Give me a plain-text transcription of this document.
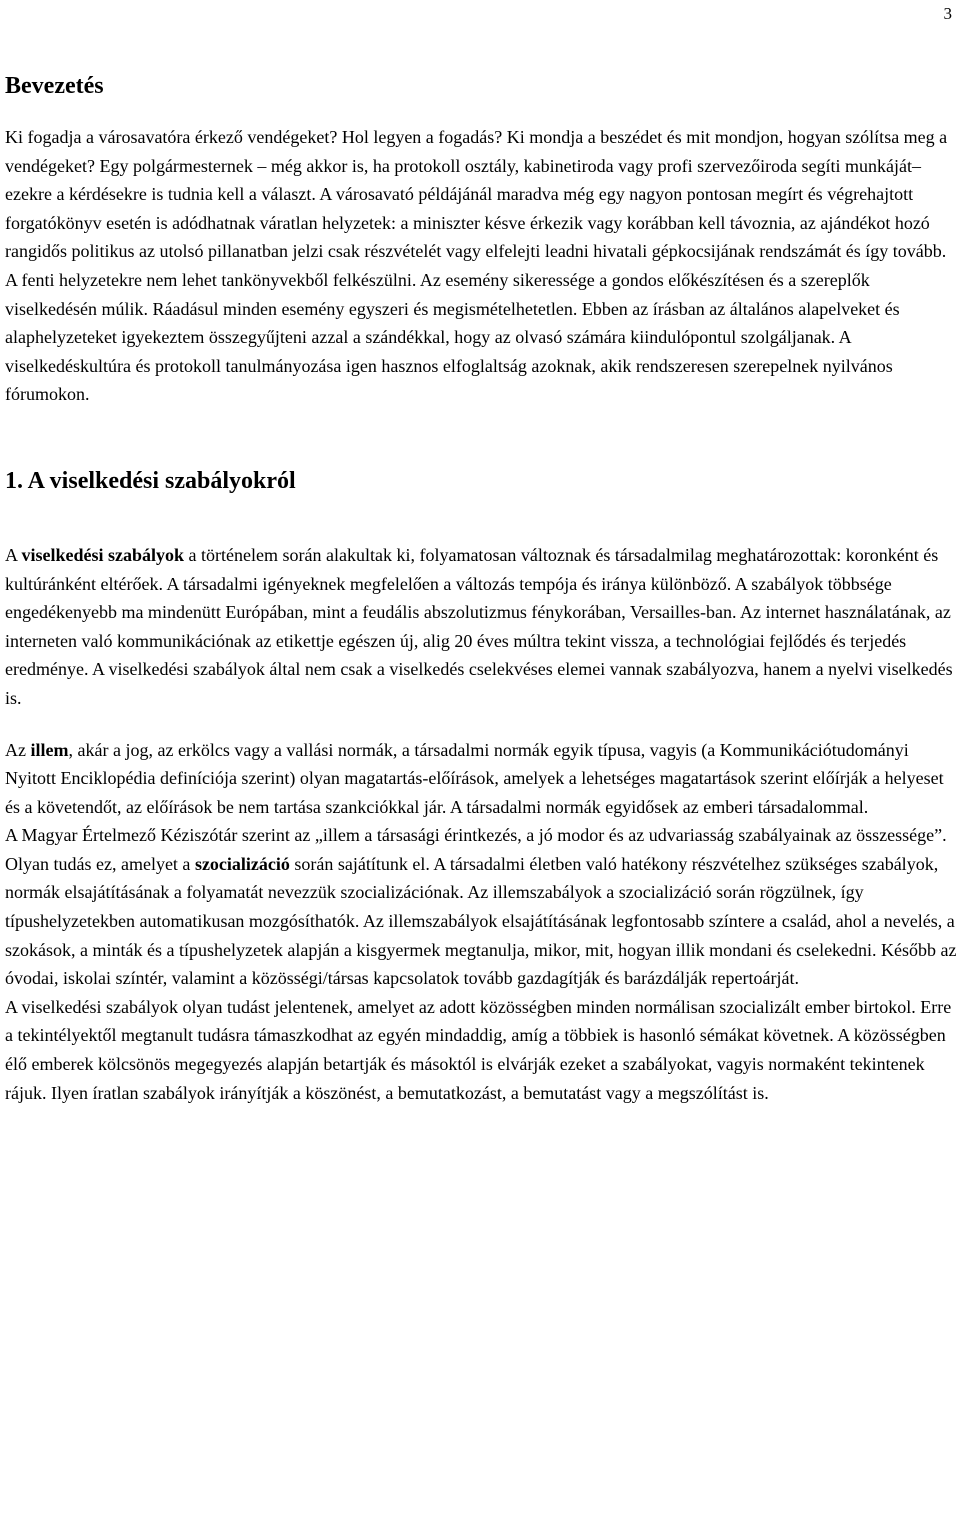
3
Bevezetés

Ki fogadja a városavatóra érkező vendégeket? Hol legyen a fogadás? Ki mondja a beszédet és mit mondjon, hogyan szólítsa meg a vendégeket? Egy polgármesternek – még akkor is, ha protokoll osztály, kabinetiroda vagy profi szervezőiroda segíti munkáját– ezekre a kérdésekre is tudnia kell a választ. A városavató példájánál maradva még egy nagyon pontosan megírt és végrehajtott forgatókönyv esetén is adódhatnak váratlan helyzetek: a miniszter késve érkezik vagy korábban kell távoznia, az ajándékot hozó rangidős politikus az utolsó pillanatban jelzi csak részvételét vagy elfelejti leadni hivatali gépkocsijának rendszámát és így tovább. A fenti helyzetekre nem lehet tankönyvekből felkészülni. Az esemény sikeressége a gondos előkészítésen és a szereplők viselkedésén múlik. Ráadásul minden esemény egyszeri és megismételhetetlen. Ebben az írásban az általános alapelveket és alaphelyzeteket igyekeztem összegyűjteni azzal a szándékkal, hogy az olvasó számára kiindulópontul szolgáljanak. A viselkedéskultúra és protokoll tanulmányozása igen hasznos elfoglaltság azoknak, akik rendszeresen szerepelnek nyilvános fórumokon.

1. A viselkedési szabályokról

A viselkedési szabályok a történelem során alakultak ki, folyamatosan változnak és társadalmilag meghatározottak: koronként és kultúránként eltérőek. A társadalmi igényeknek megfelelően a változás tempója és iránya különböző. A szabályok többsége engedékenyebb ma mindenütt Európában, mint a feudális abszolutizmus fénykorában, Versailles-ban. Az internet használatának, az interneten való kommunikációnak az etikettje egészen új, alig 20 éves múltra tekint vissza, a technológiai fejlődés és terjedés eredménye. A viselkedési szabályok által nem csak a viselkedés cselekvéses elemei vannak szabályozva, hanem a nyelvi viselkedés is.

Az illem, akár a jog, az erkölcs vagy a vallási normák, a társadalmi normák egyik típusa, vagyis (a Kommunikációtudományi Nyitott Enciklopédia definíciója szerint) olyan magatartás-előírások, amelyek a lehetséges magatartások szerint előírják a helyeset és a követendőt, az előírások be nem tartása szankciókkal jár. A társadalmi normák egyidősek az emberi társadalommal.

A Magyar Értelmező Kéziszótár szerint az „illem a társasági érintkezés, a jó modor és az udvariasság szabályainak az összessége”. Olyan tudás ez, amelyet a szocializáció során sajátítunk el. A társadalmi életben való hatékony részvételhez szükséges szabályok, normák elsajátításának a folyamatát nevezzük szocializációnak. Az illemszabályok a szocializáció során rögzülnek, így típushelyzetekben automatikusan mozgósíthatók. Az illemszabályok elsajátításának legfontosabb színtere a család, ahol a nevelés, a szokások, a minták és a típushelyzetek alapján a kisgyermek megtanulja, mikor, mit, hogyan illik mondani és cselekedni. Később az óvodai, iskolai színtér, valamint a közösségi/társas kapcsolatok tovább gazdagítják és barázdálják repertoárját.

A viselkedési szabályok olyan tudást jelentenek, amelyet az adott közösségben minden normálisan szocializált ember birtokol. Erre a tekintélyektől megtanult tudásra támaszkodhat az egyén mindaddig, amíg a többiek is hasonló sémákat követnek. A közösségben élő emberek kölcsönös megegyezés alapján betartják és másoktól is elvárják ezeket a szabályokat, vagyis normaként tekintenek rájuk. Ilyen íratlan szabályok irányítják a köszönést, a bemutatkozást, a bemutatást vagy a megszólítást is.
